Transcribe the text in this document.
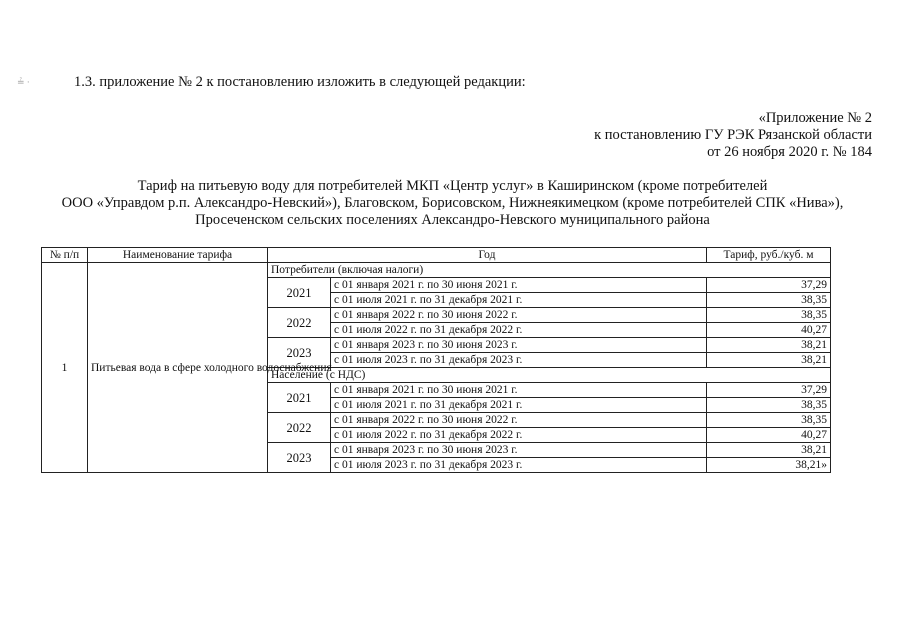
≟ ·	1.3. приложение № 2 к постановлению изложить в следующей редакции:
«Приложение № 2
к постановлению ГУ РЭК Рязанской области
от 26 ноября 2020 г. № 184
Тариф на питьевую воду для потребителей МКП «Центр услуг» в Каширинском (кроме потребителей
ООО «Управдом р.п. Александро-Невский»), Благовском, Борисовском, Нижнеякимецком (кроме потребителей СПК «Нива»),
Просеченском сельских поселениях Александро-Невского муниципального района
№ п/п	Наименование тарифа	Год		Тариф, руб./куб. м
1	Питьевая вода в сфере холодного водоснабжения	Потребители (включая налоги)		
		2021	с 01 января 2021 г. по 30 июня 2021 г.	37,29
			с 01 июля 2021 г. по 31 декабря 2021 г.	38,35
		2022	с 01 января 2022 г. по 30 июня 2022 г.	38,35
			с 01 июля 2022 г. по 31 декабря 2022 г.	40,27
		2023	с 01 января 2023 г. по 30 июня 2023 г.	38,21
			с 01 июля 2023 г. по 31 декабря 2023 г.	38,21
		Население (с НДС)		
		2021	с 01 января 2021 г. по 30 июня 2021 г.	37,29
			с 01 июля 2021 г. по 31 декабря 2021 г.	38,35
		2022	с 01 января 2022 г. по 30 июня 2022 г.	38,35
			с 01 июля 2022 г. по 31 декабря 2022 г.	40,27
		2023	с 01 января 2023 г. по 30 июня 2023 г.	38,21
			с 01 июля 2023 г. по 31 декабря 2023 г.	38,21»
